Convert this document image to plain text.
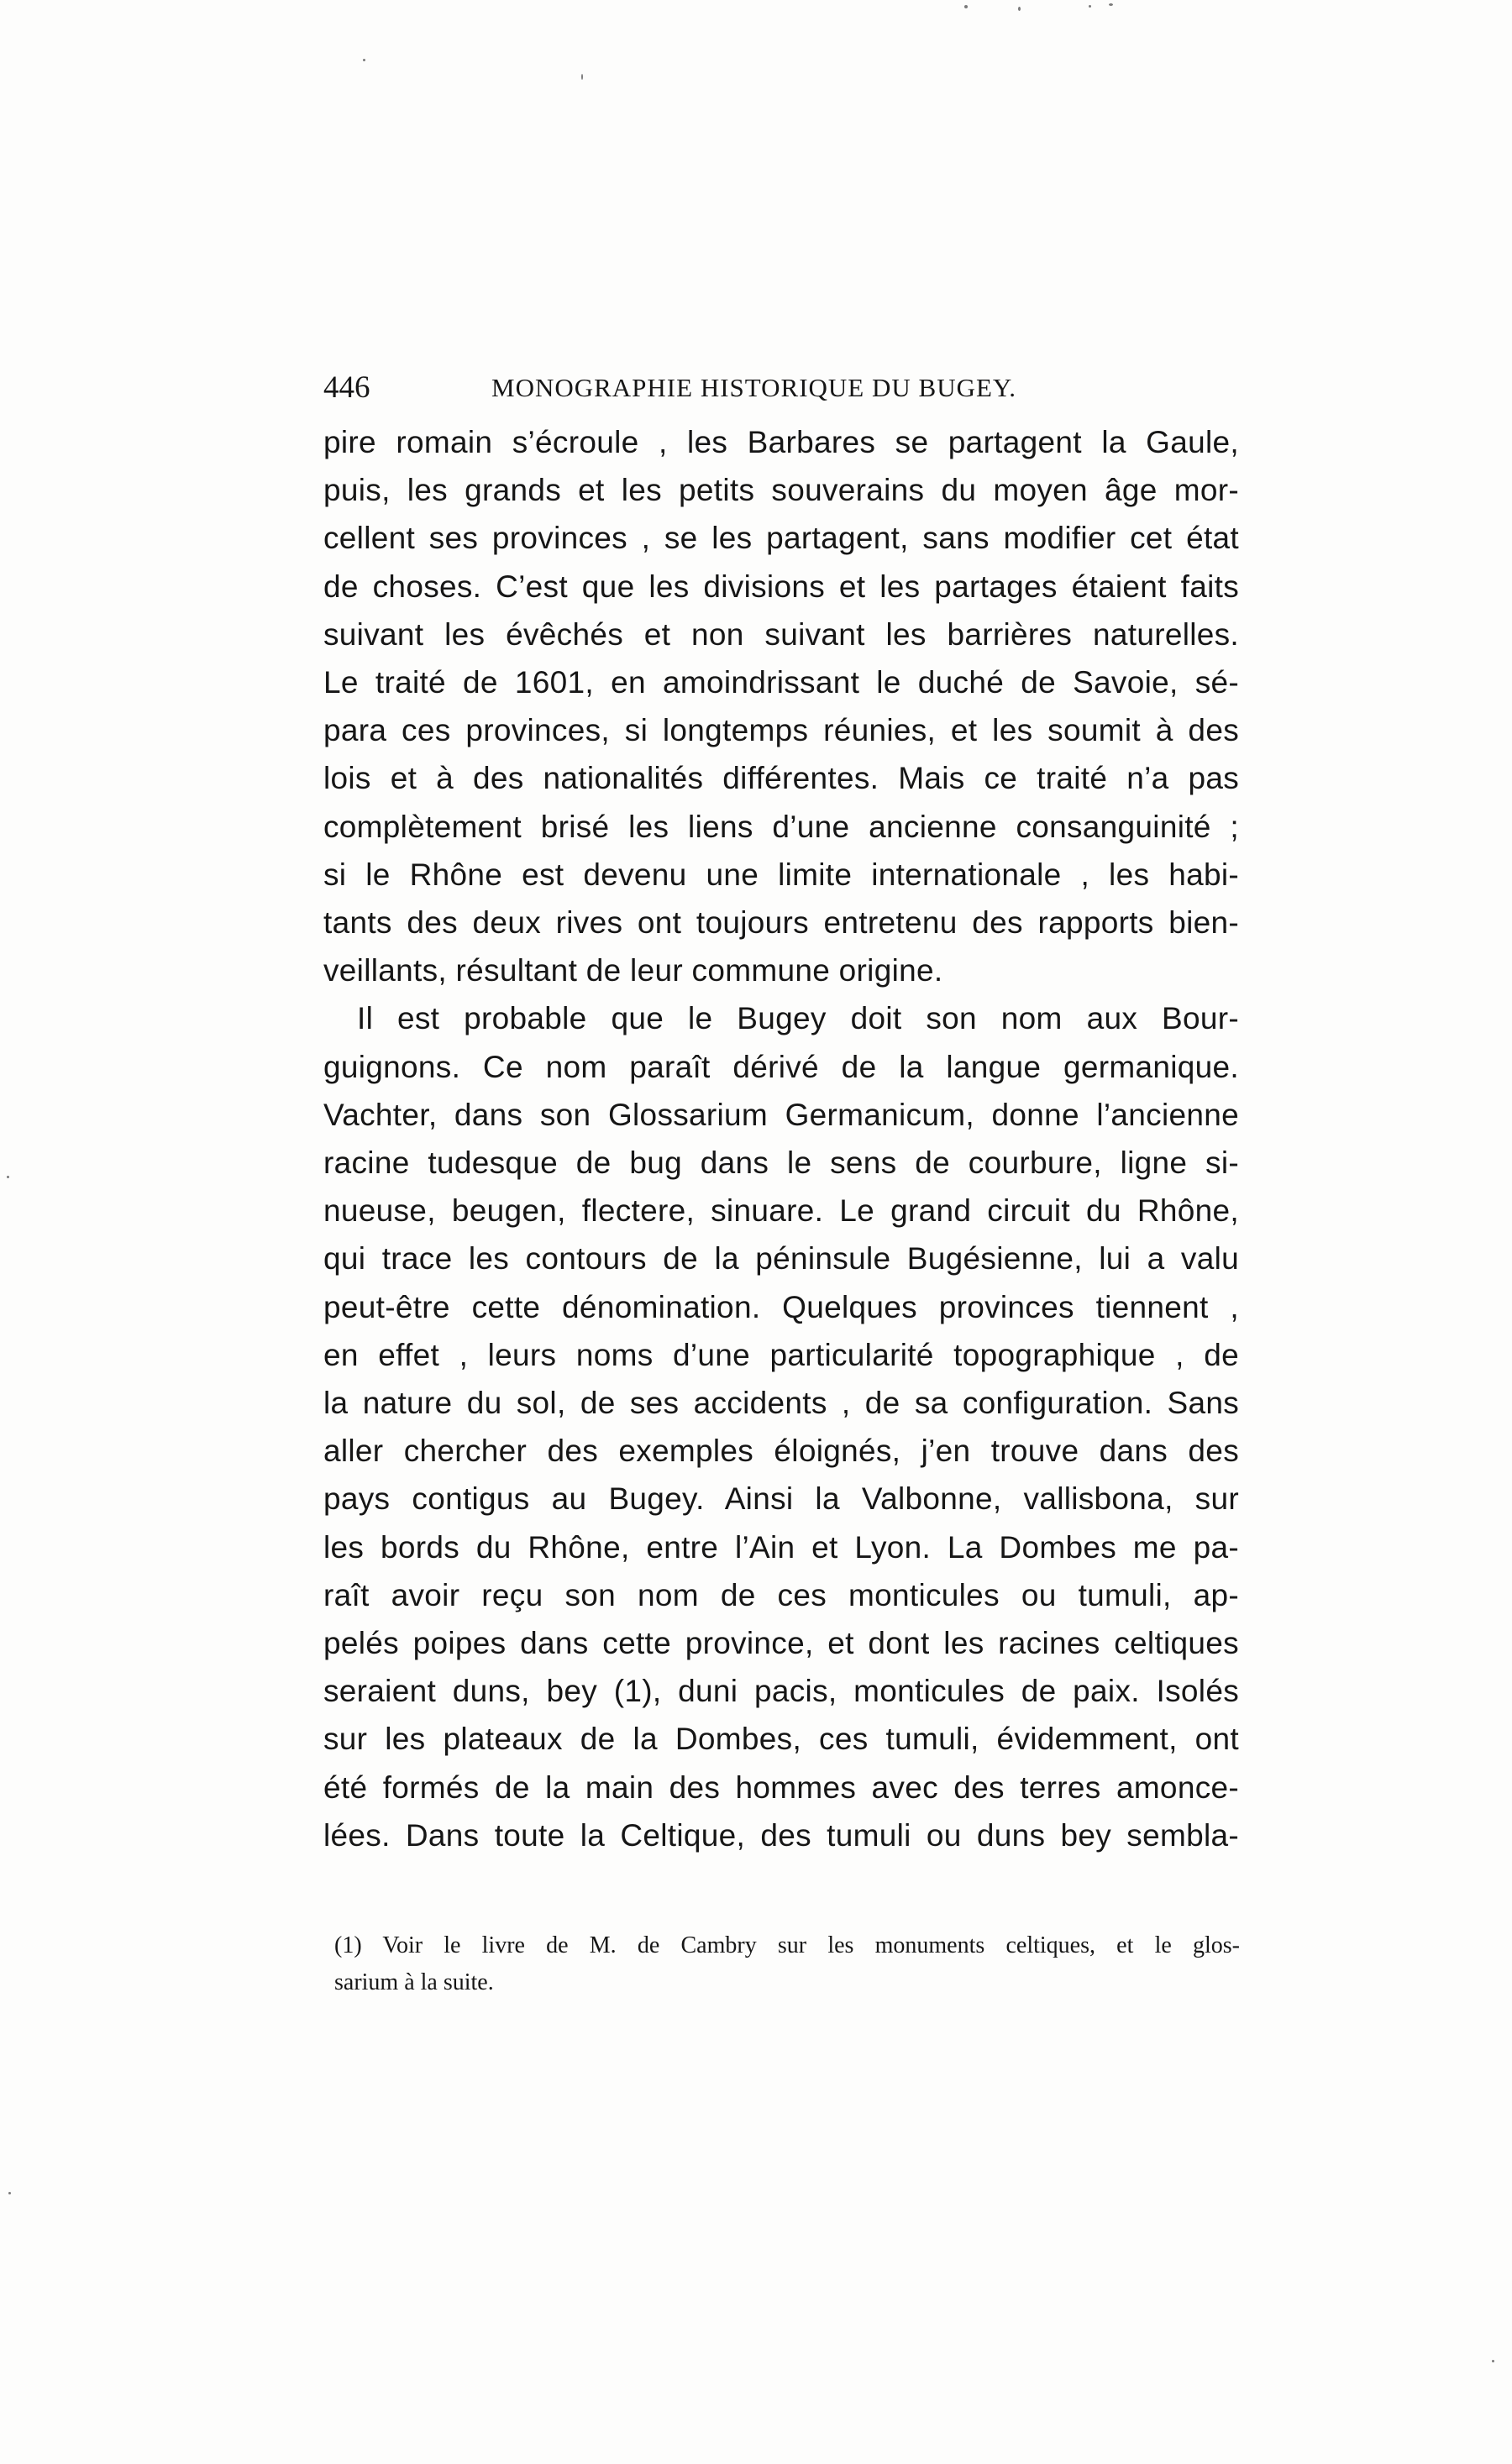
446	MONOGRAPHIE HISTORIQUE DU BUGEY.
pire romain s’écroule , les Barbares se partagent la Gaule,
puis, les grands et les petits souverains du moyen âge mor-
cellent ses provinces , se les partagent, sans modifier cet état
de choses. C’est que les divisions et les partages étaient faits
suivant les évêchés et non suivant les barrières naturelles.
Le traité de 1601, en amoindrissant le duché de Savoie, sé-
para ces provinces, si longtemps réunies, et les soumit à des
lois et à des nationalités différentes. Mais ce traité n’a pas
complètement brisé les liens d’une ancienne consanguinité ;
si le Rhône est devenu une limite internationale , les habi-
tants des deux rives ont toujours entretenu des rapports bien-
veillants, résultant de leur commune origine.
Il est probable que le Bugey doit son nom aux Bour-
guignons. Ce nom paraît dérivé de la langue germanique.
Vachter, dans son Glossarium Germanicum, donne l’ancienne
racine tudesque de bug dans le sens de courbure, ligne si-
nueuse, beugen, flectere, sinuare. Le grand circuit du Rhône,
qui trace les contours de la péninsule Bugésienne, lui a valu
peut-être cette dénomination. Quelques provinces tiennent ,
en effet , leurs noms d’une particularité topographique , de
la nature du sol, de ses accidents , de sa configuration. Sans
aller chercher des exemples éloignés, j’en trouve dans des
pays contigus au Bugey. Ainsi la Valbonne, vallisbona, sur
les bords du Rhône, entre l’Ain et Lyon. La Dombes me pa-
raît avoir reçu son nom de ces monticules ou tumuli, ap-
pelés poipes dans cette province, et dont les racines celtiques
seraient duns, bey (1), duni pacis, monticules de paix. Isolés
sur les plateaux de la Dombes, ces tumuli, évidemment, ont
été formés de la main des hommes avec des terres amonce-
lées. Dans toute la Celtique, des tumuli ou duns bey sembla-
(1) Voir le livre de M. de Cambry sur les monuments celtiques, et le glos-
sarium à la suite.
